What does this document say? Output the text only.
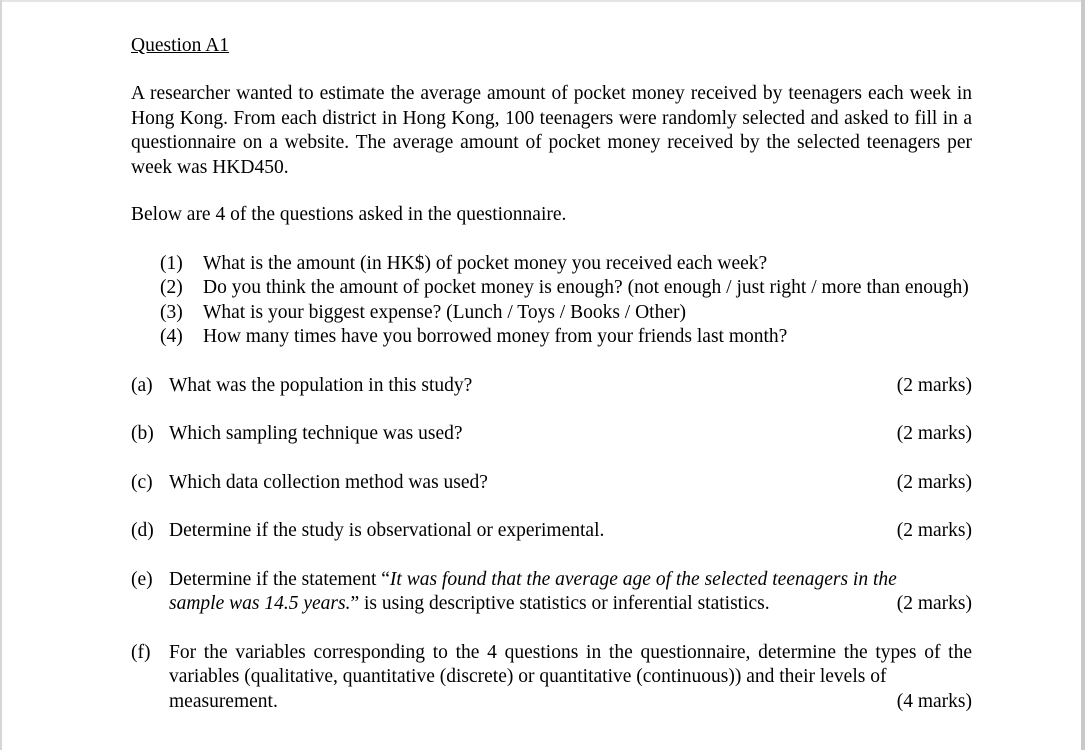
Question A1

A researcher wanted to estimate the average amount of pocket money received by teenagers each week in Hong Kong. From each district in Hong Kong, 100 teenagers were randomly selected and asked to fill in a questionnaire on a website. The average amount of pocket money received by the selected teenagers per week was HKD450.

Below are 4 of the questions asked in the questionnaire.

(1)	What is the amount (in HK$) of pocket money you received each week?
(2)	Do you think the amount of pocket money is enough? (not enough / just right / more than enough)
(3)	What is your biggest expense? (Lunch / Toys / Books / Other)
(4)	How many times have you borrowed money from your friends last month?
(a) What was the population in this study?	(2 marks)
(b) Which sampling technique was used?	(2 marks)
(c) Which data collection method was used?	(2 marks)
(d) Determine if the study is observational or experimental.	(2 marks)
(e) Determine if the statement “It was found that the average age of the selected teenagers in the
sample was 14.5 years.” is using descriptive statistics or inferential statistics.	(2 marks)
(f) For the variables corresponding to the 4 questions in the questionnaire, determine the types of the variables (qualitative, quantitative (discrete) or quantitative (continuous)) and their levels of
measurement.	(4 marks)
